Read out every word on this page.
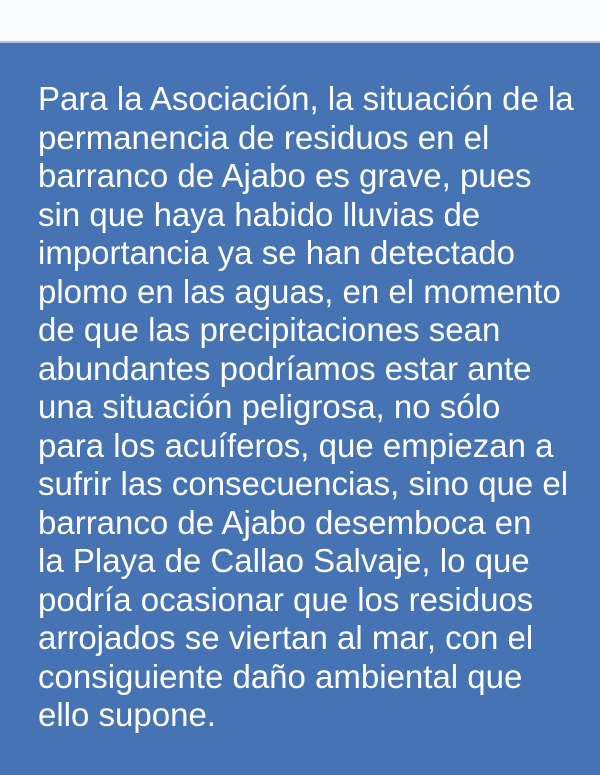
Para la Asociación, la situación de la
permanencia de residuos en el
barranco de Ajabo es grave, pues
sin que haya habido lluvias de
importancia ya se han detectado
plomo en las aguas, en el momento
de que las precipitaciones sean
abundantes podríamos estar ante
una situación peligrosa, no sólo
para los acuíferos, que empiezan a
sufrir las consecuencias, sino que el
barranco de Ajabo desemboca en
la Playa de Callao Salvaje, lo que
podría ocasionar que los residuos
arrojados se viertan al mar, con el
consiguiente daño ambiental que
ello supone.
